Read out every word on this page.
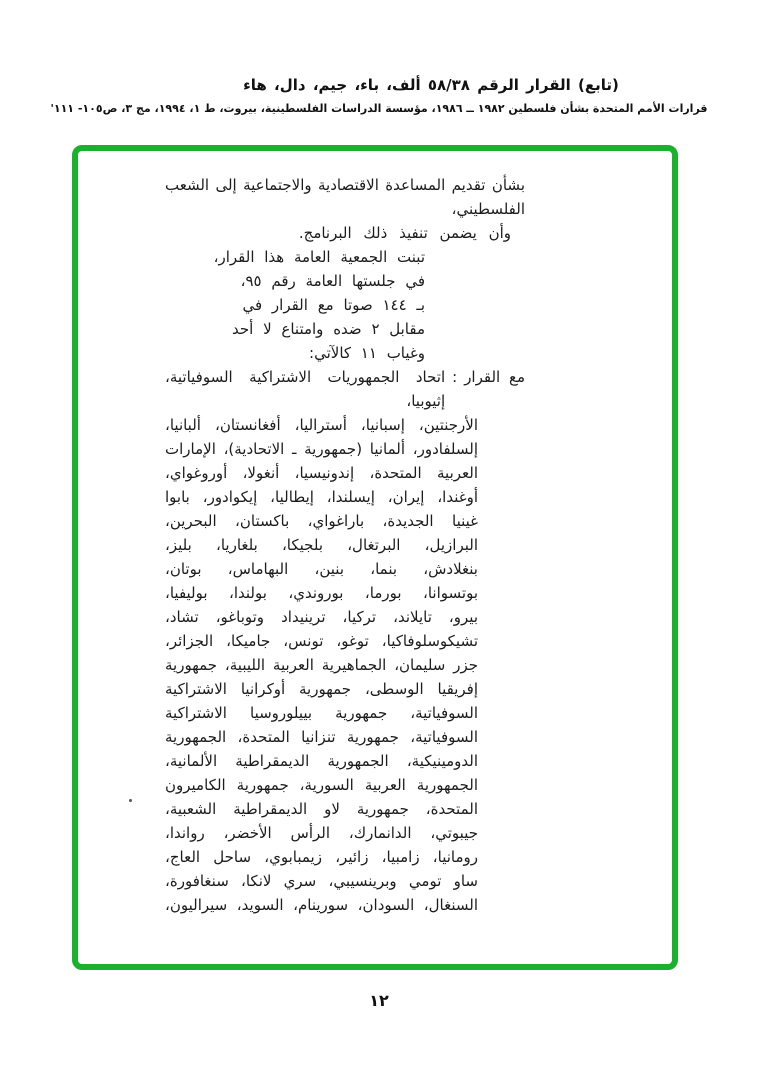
(تابع) القرار الرقم ٥٨/٣٨ ألف، باء، جيم، دال، هاء
قرارات الأمم المتحدة بشأن فلسطين ١٩٨٢ ــ ١٩٨٦، مؤسسة الدراسات الفلسطينية، بيروت، ط ١، ١٩٩٤، مج ٣، ص١٠٥- ١١١'
بشأن تقديم المساعدة الاقتصادية والاجتماعية إلى الشعب الفلسطيني،
وأن يضمن تنفيذ ذلك البرنامج.
تبنت الجمعية العامة هذا القرار،
في جلستها العامة رقم ٩٥،
بـ ١٤٤ صوتا مع القرار في
مقابل ٢ ضده وامتناع لا أحد
وغياب ١١ كالآتي:
مع القرار
:
اتحاد الجمهوريات الاشتراكية السوفياتية، إثيوبيا،
الأرجنتين، إسبانيا، أستراليا، أفغانستان، ألبانيا،
إلسلفادور، ألمانيا (جمهورية ـ الاتحادية)، الإمارات
العربية المتحدة، إندونيسيا، أنغولا، أوروغواي،
أوغندا، إيران، إيسلندا، إيطاليا، إيكوادور، بابوا
غينيا الجديدة، باراغواي، باكستان، البحرين،
البرازيل، البرتغال، بلجيكا، بلغاريا، بليز،
بنغلادش، بنما، بنين، البهاماس، بوتان،
بوتسوانا، بورما، بوروندي، بولندا، بوليفيا،
بيرو، تايلاند، تركيا، ترينيداد وتوباغو، تشاد،
تشيكوسلوفاكيا، توغو، تونس، جاميكا، الجزائر،
جزر سليمان، الجماهيرية العربية الليبية، جمهورية
إفريقيا الوسطى، جمهورية أوكرانيا الاشتراكية
السوفياتية، جمهورية بييلوروسيا الاشتراكية
السوفياتية، جمهورية تنزانيا المتحدة، الجمهورية
الدومينيكية، الجمهورية الديمقراطية الألمانية،
الجمهورية العربية السورية، جمهورية الكاميرون
المتحدة، جمهورية لاو الديمقراطية الشعبية،
جيبوتي، الدانمارك، الرأس الأخضر، رواندا،
رومانيا، زامبيا، زائير، زيمبابوي، ساحل العاج،
ساو تومي وبرينسيبي، سري لانكا، سنغافورة،
السنغال، السودان، سورينام، السويد، سيراليون،
١٢
